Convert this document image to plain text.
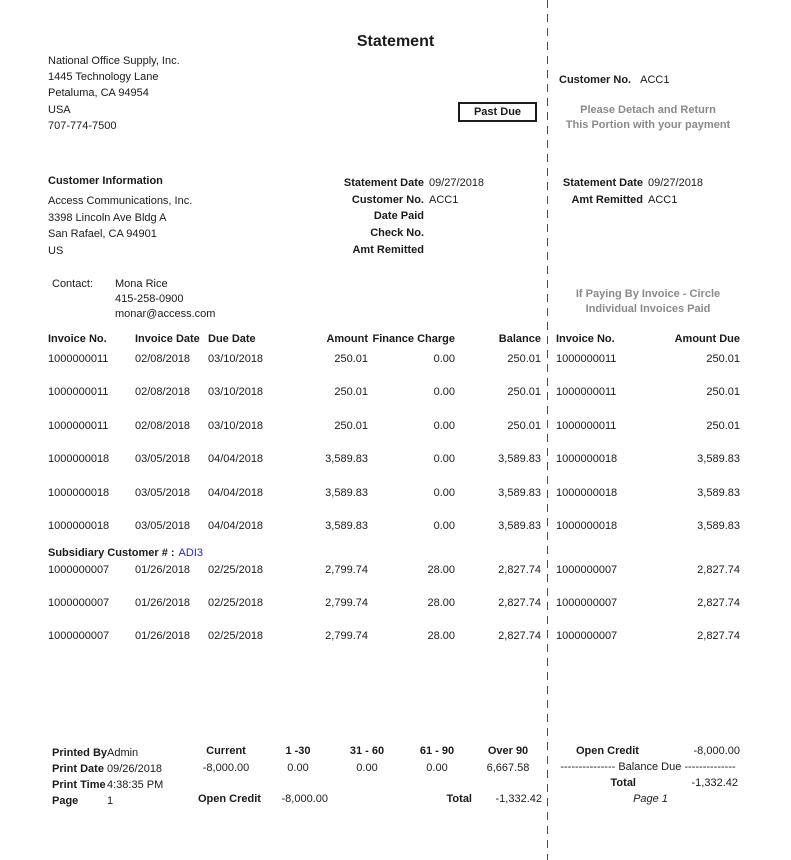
Statement
National Office Supply, Inc.
1445 Technology Lane
Petaluma, CA 94954
USA
707-774-7500
Past Due
Customer No. ACC1
Please Detach and Return
This Portion with your payment
Customer Information
Access Communications, Inc.
3398 Lincoln Ave Bldg A
San Rafael, CA 94901
US
Statement Date 09/27/2018
Customer No. ACC1
Date Paid
Check No.
Amt Remitted
Statement Date 09/27/2018
Amt Remitted ACC1
Contact:	Mona Rice
415-258-0900
monar@access.com
If Paying By Invoice - Circle
Individual Invoices Paid
Invoice No.	Invoice Date Due Date	Amount Finance Charge	Balance Invoice No.	Amount Due
1000000011 02/08/2018 03/10/2018	250.01	0.00	250.01 1000000011	250.01
1000000011 02/08/2018 03/10/2018	250.01	0.00	250.01 1000000011	250.01
1000000011 02/08/2018 03/10/2018	250.01	0.00	250.01 1000000011	250.01
1000000018 03/05/2018 04/04/2018	3,589.83	0.00	3,589.83 1000000018	3,589.83
1000000018 03/05/2018 04/04/2018	3,589.83	0.00	3,589.83 1000000018	3,589.83
1000000018 03/05/2018 04/04/2018	3,589.83	0.00	3,589.83 1000000018	3,589.83
1000000007 01/26/2018 02/25/2018	2,799.74	28.00	2,827.74 1000000007	2,827.74
1000000007 01/26/2018 02/25/2018	2,799.74	28.00	2,827.74 1000000007	2,827.74
1000000007 01/26/2018 02/25/2018	2,799.74	28.00	2,827.74 1000000007	2,827.74
Subsidiary Customer # : ADI3
Printed ByAdmin
Print Date 09/26/2018
Print Time4:38:35 PM
Page	1
Current
-8,000.00
1 -30
0.00
31 - 60
0.00
61 - 90
0.00
Over 90
6,667.58
Open Credit	-8,000.00	Total	-1,332.42
Open Credit	-8,000.00
--------------- Balance Due --------------
Total	-1,332.42
Page 1
